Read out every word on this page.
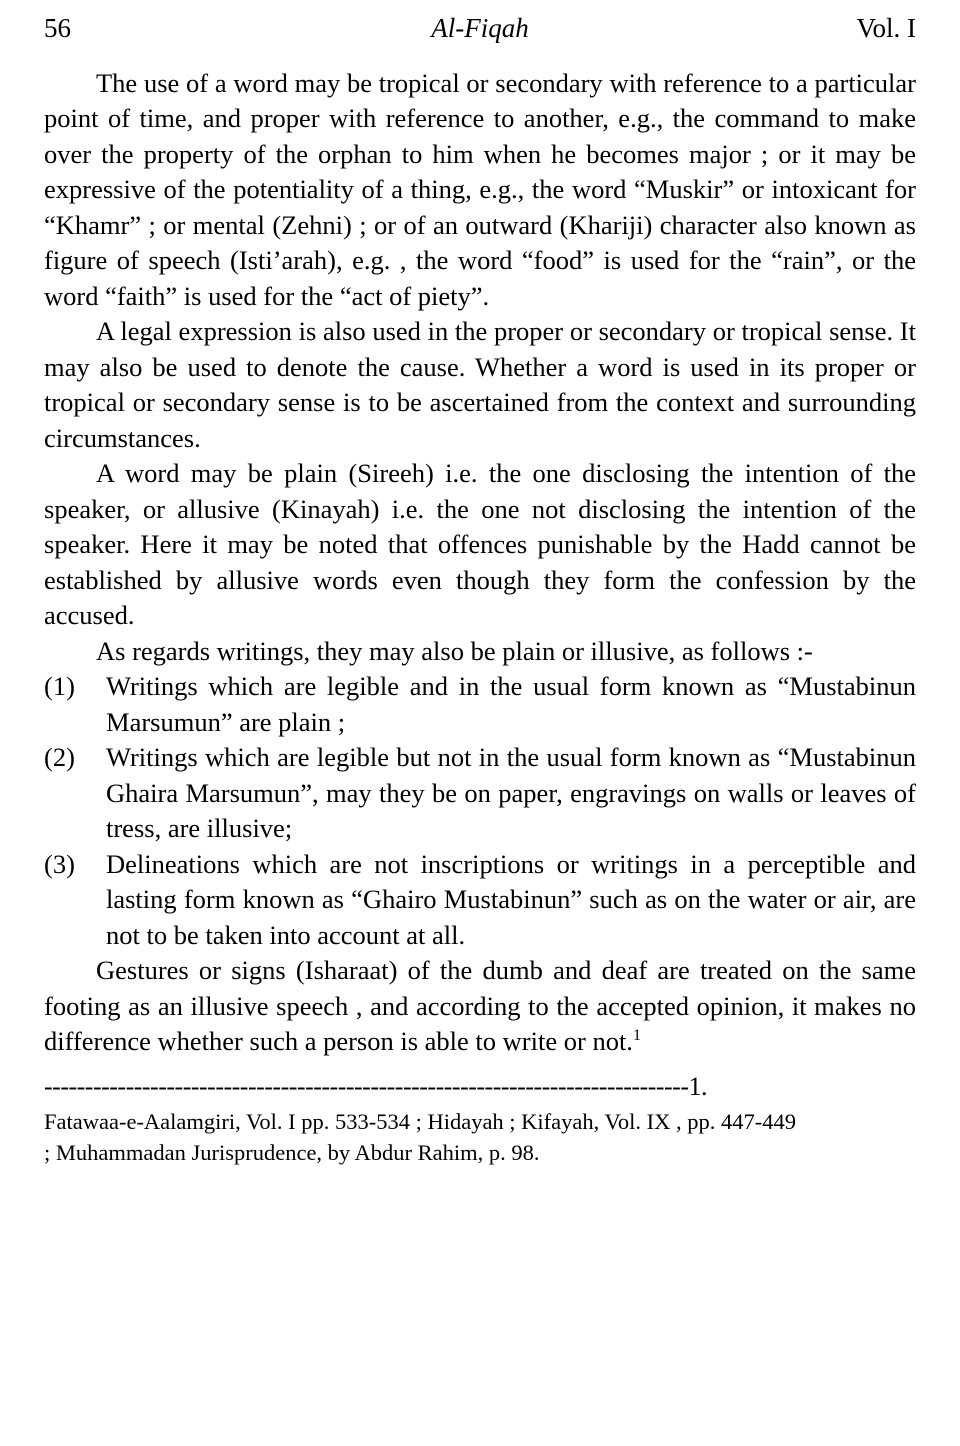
56	Al-Fiqah	Vol. I

The use of a word may be tropical or secondary with reference to a particular point of time, and proper with reference to another, e.g., the command to make over the property of the orphan to him when he becomes major ; or it may be expressive of the potentiality of a thing, e.g., the word “Muskir” or intoxicant for “Khamr” ; or mental (Zehni) ; or of an outward (Khariji) character also known as figure of speech (Isti’arah), e.g. , the word “food” is used for the “rain”, or the word “faith” is used for the “act of piety”.

A legal expression is also used in the proper or secondary or tropical sense. It may also be used to denote the cause. Whether a word is used in its proper or tropical or secondary sense is to be ascertained from the context and surrounding circumstances.

A word may be plain (Sireeh) i.e. the one disclosing the intention of the speaker, or allusive (Kinayah) i.e. the one not disclosing the intention of the speaker. Here it may be noted that offences punishable by the Hadd cannot be established by allusive words even though they form the confession by the accused.

As regards writings, they may also be plain or illusive, as follows :-

(1)	Writings which are legible and in the usual form known as “Mustabinun Marsumun” are plain ;
(2)	Writings which are legible but not in the usual form known as “Mustabinun Ghaira Marsumun”, may they be on paper, engravings on walls or leaves of tress, are illusive;
(3)	Delineations which are not inscriptions or writings in a perceptible and lasting form known as “Ghairo Mustabinun” such as on the water or air, are not to be taken into account at all.

Gestures or signs (Isharaat) of the dumb and deaf are treated on the same footing as an illusive speech , and according to the accepted opinion, it makes no difference whether such a person is able to write or not.$^1$

-------------------------------------------------------------------------------1.
Fatawaa-e-Aalamgiri, Vol. I pp. 533-534 ; Hidayah ; Kifayah, Vol. IX , pp. 447-449
; Muhammadan Jurisprudence, by Abdur Rahim, p. 98.
